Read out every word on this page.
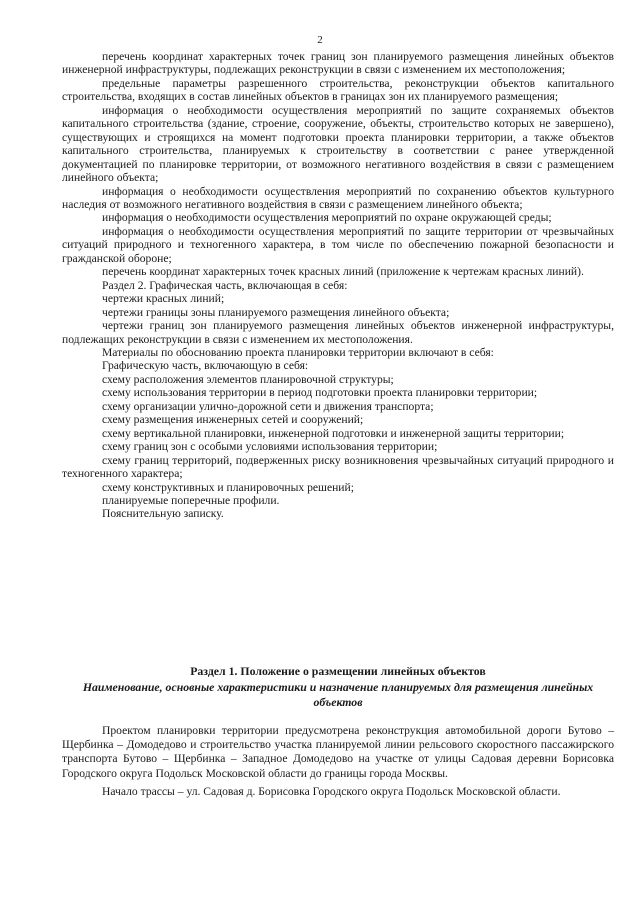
2

перечень координат характерных точек границ зон планируемого размещения линейных объектов инженерной инфраструктуры, подлежащих реконструкции в связи с изменением их местоположения;

предельные параметры разрешенного строительства, реконструкции объектов капитального строительства, входящих в состав линейных объектов в границах зон их планируемого размещения;

информация о необходимости осуществления мероприятий по защите сохраняемых объектов капитального строительства (здание, строение, сооружение, объекты, строительство которых не завершено), существующих и строящихся на момент подготовки проекта планировки территории, а также объектов капитального строительства, планируемых к строительству в соответствии с ранее утвержденной документацией по планировке территории, от возможного негативного воздействия в связи с размещением линейного объекта;

информация о необходимости осуществления мероприятий по сохранению объектов культурного наследия от возможного негативного воздействия в связи с размещением линейного объекта;

информация о необходимости осуществления мероприятий по охране окружающей среды;

информация о необходимости осуществления мероприятий по защите территории от чрезвычайных ситуаций природного и техногенного характера, в том числе по обеспечению пожарной безопасности и гражданской обороне;

перечень координат характерных точек красных линий (приложение к чертежам красных линий).

Раздел 2. Графическая часть, включающая в себя:

чертежи красных линий;

чертежи границы зоны планируемого размещения линейного объекта;

чертежи границ зон планируемого размещения линейных объектов инженерной инфраструктуры, подлежащих реконструкции в связи с изменением их местоположения.

Материалы по обоснованию проекта планировки территории включают в себя:

Графическую часть, включающую в себя:

схему расположения элементов планировочной структуры;

схему использования территории в период подготовки проекта планировки территории;

схему организации улично-дорожной сети и движения транспорта;

схему размещения инженерных сетей и сооружений;

схему вертикальной планировки, инженерной подготовки и инженерной защиты территории;

схему границ зон с особыми условиями использования территории;

схему границ территорий, подверженных риску возникновения чрезвычайных ситуаций природного и техногенного характера;

схему конструктивных и планировочных решений;

планируемые поперечные профили.

Пояснительную записку.

Раздел 1. Положение о размещении линейных объектов
Наименование, основные характеристики и назначение планируемых для размещения линейных объектов

Проектом планировки территории предусмотрена реконструкция автомобильной дороги Бутово – Щербинка – Домодедово и строительство участка планируемой линии рельсового скоростного пассажирского транспорта Бутово – Щербинка – Западное Домодедово на участке от улицы Садовая деревни Борисовка Городского округа Подольск Московской области до границы города Москвы.

Начало трассы – ул. Садовая д. Борисовка Городского округа Подольск Московской области.
